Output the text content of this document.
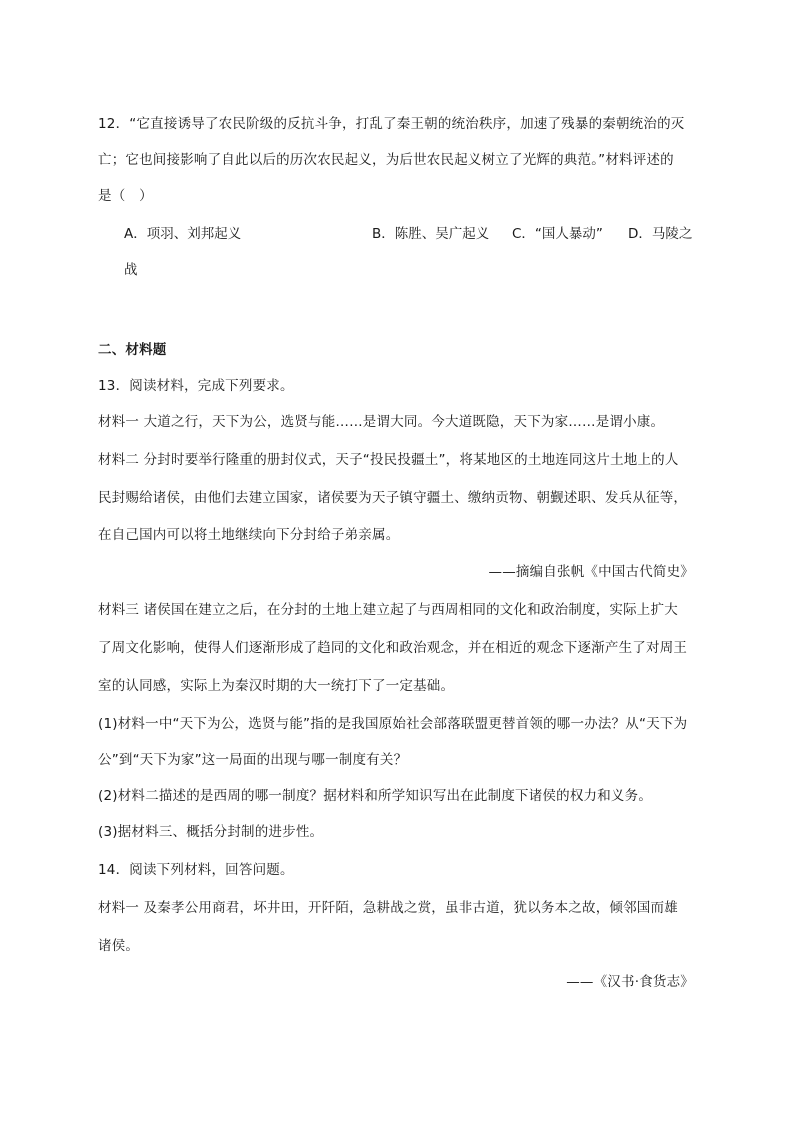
12．“它直接诱导了农民阶级的反抗斗争，打乱了秦王朝的统治秩序，加速了残暴的秦朝统治的灭
亡；它也间接影响了自此以后的历次农民起义，为后世农民起义树立了光辉的典范。”材料评述的
是（　）
A．项羽、刘邦起义	B．陈胜、吴广起义 C．“国人暴动” D．马陵之
战
二、材料题
13．阅读材料，完成下列要求。
材料一 大道之行，天下为公，选贤与能……是谓大同。今大道既隐，天下为家……是谓小康。
材料二 分封时要举行隆重的册封仪式，天子“投民投疆土”，将某地区的土地连同这片土地上的人
民封赐给诸侯，由他们去建立国家，诸侯要为天子镇守疆土、缴纳贡物、朝觐述职、发兵从征等，
在自己国内可以将土地继续向下分封给子弟亲属。
——摘编自张帆《中国古代简史》
材料三 诸侯国在建立之后，在分封的土地上建立起了与西周相同的文化和政治制度，实际上扩大
了周文化影响，使得人们逐渐形成了趋同的文化和政治观念，并在相近的观念下逐渐产生了对周王
室的认同感，实际上为秦汉时期的大一统打下了一定基础。
(1)材料一中“天下为公，选贤与能”指的是我国原始社会部落联盟更替首领的哪一办法？从“天下为
公”到“天下为家”这一局面的出现与哪一制度有关？
(2)材料二描述的是西周的哪一制度？据材料和所学知识写出在此制度下诸侯的权力和义务。
(3)据材料三、概括分封制的进步性。
14．阅读下列材料，回答问题。
材料一 及秦孝公用商君，坏井田，开阡陌，急耕战之赏，虽非古道，犹以务本之故，倾邻国而雄
诸侯。
——《汉书·食货志》
